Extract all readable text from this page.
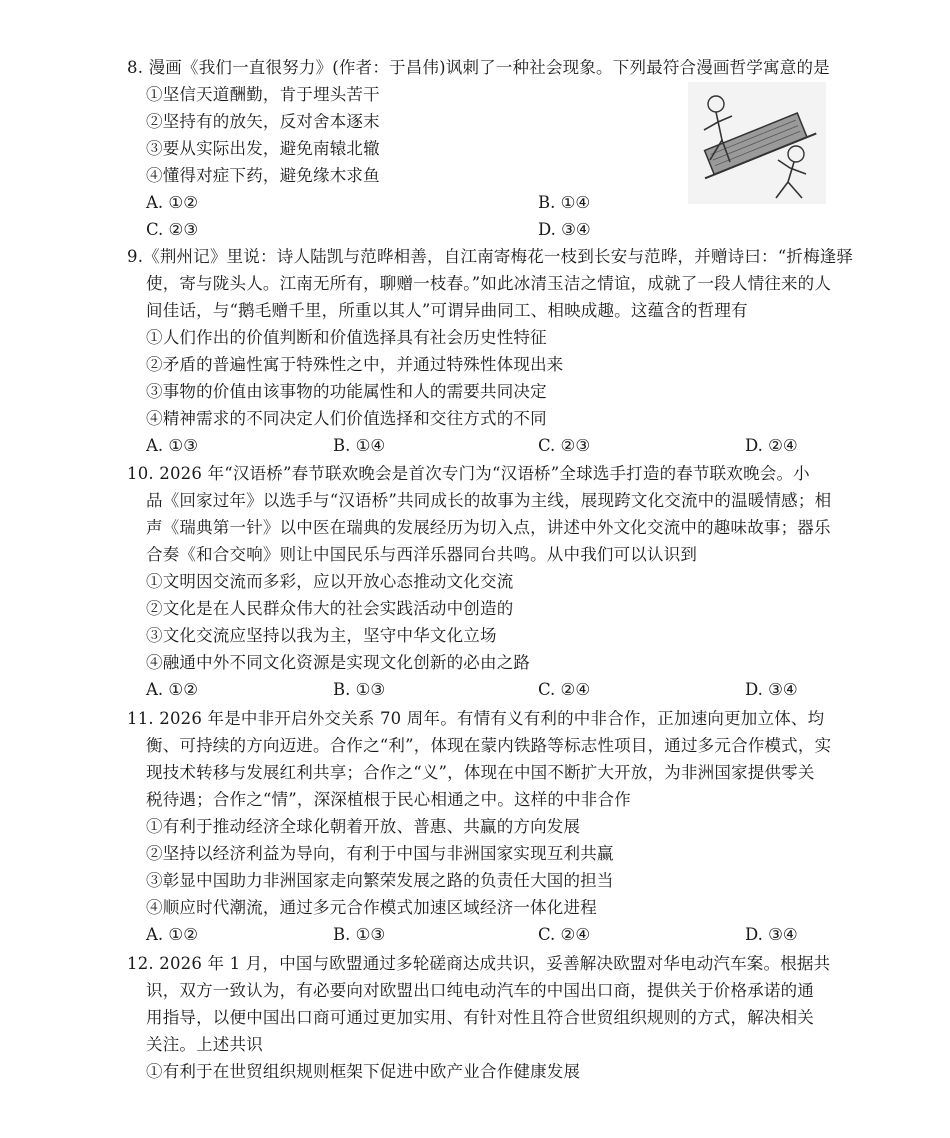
8. 漫画《我们一直很努力》(作者：于昌伟)讽刺了一种社会现象。下列最符合漫画哲学寓意的是
①坚信天道酬勤，肯于埋头苦干
②坚持有的放矢，反对舍本逐末
③要从实际出发，避免南辕北辙
④懂得对症下药，避免缘木求鱼
A. ①②	B. ①④
C. ②③	D. ③④
9.《荆州记》里说：诗人陆凯与范晔相善，自江南寄梅花一枝到长安与范晔，并赠诗曰：“折梅逢驿
使，寄与陇头人。江南无所有，聊赠一枝春。”如此冰清玉洁之情谊，成就了一段人情往来的人
间佳话，与“鹅毛赠千里，所重以其人”可谓异曲同工、相映成趣。这蕴含的哲理有
①人们作出的价值判断和价值选择具有社会历史性特征
②矛盾的普遍性寓于特殊性之中，并通过特殊性体现出来
③事物的价值由该事物的功能属性和人的需要共同决定
④精神需求的不同决定人们价值选择和交往方式的不同
A. ①③	B. ①④	C. ②③	D. ②④
10. 2026 年“汉语桥”春节联欢晚会是首次专门为“汉语桥”全球选手打造的春节联欢晚会。小
品《回家过年》以选手与“汉语桥”共同成长的故事为主线，展现跨文化交流中的温暖情感；相
声《瑞典第一针》以中医在瑞典的发展经历为切入点，讲述中外文化交流中的趣味故事；器乐
合奏《和合交响》则让中国民乐与西洋乐器同台共鸣。从中我们可以认识到
①文明因交流而多彩，应以开放心态推动文化交流
②文化是在人民群众伟大的社会实践活动中创造的
③文化交流应坚持以我为主，坚守中华文化立场
④融通中外不同文化资源是实现文化创新的必由之路
A. ①②	B. ①③	C. ②④	D. ③④
11. 2026 年是中非开启外交关系 70 周年。有情有义有利的中非合作，正加速向更加立体、均
衡、可持续的方向迈进。合作之“利”，体现在蒙内铁路等标志性项目，通过多元合作模式，实
现技术转移与发展红利共享；合作之“义”，体现在中国不断扩大开放，为非洲国家提供零关
税待遇；合作之“情”，深深植根于民心相通之中。这样的中非合作
①有利于推动经济全球化朝着开放、普惠、共赢的方向发展
②坚持以经济利益为导向，有利于中国与非洲国家实现互利共赢
③彰显中国助力非洲国家走向繁荣发展之路的负责任大国的担当
④顺应时代潮流，通过多元合作模式加速区域经济一体化进程
A. ①②	B. ①③	C. ②④	D. ③④
12. 2026 年 1 月，中国与欧盟通过多轮磋商达成共识，妥善解决欧盟对华电动汽车案。根据共
识，双方一致认为，有必要向对欧盟出口纯电动汽车的中国出口商，提供关于价格承诺的通
用指导，以便中国出口商可通过更加实用、有针对性且符合世贸组织规则的方式，解决相关
关注。上述共识
①有利于在世贸组织规则框架下促进中欧产业合作健康发展
